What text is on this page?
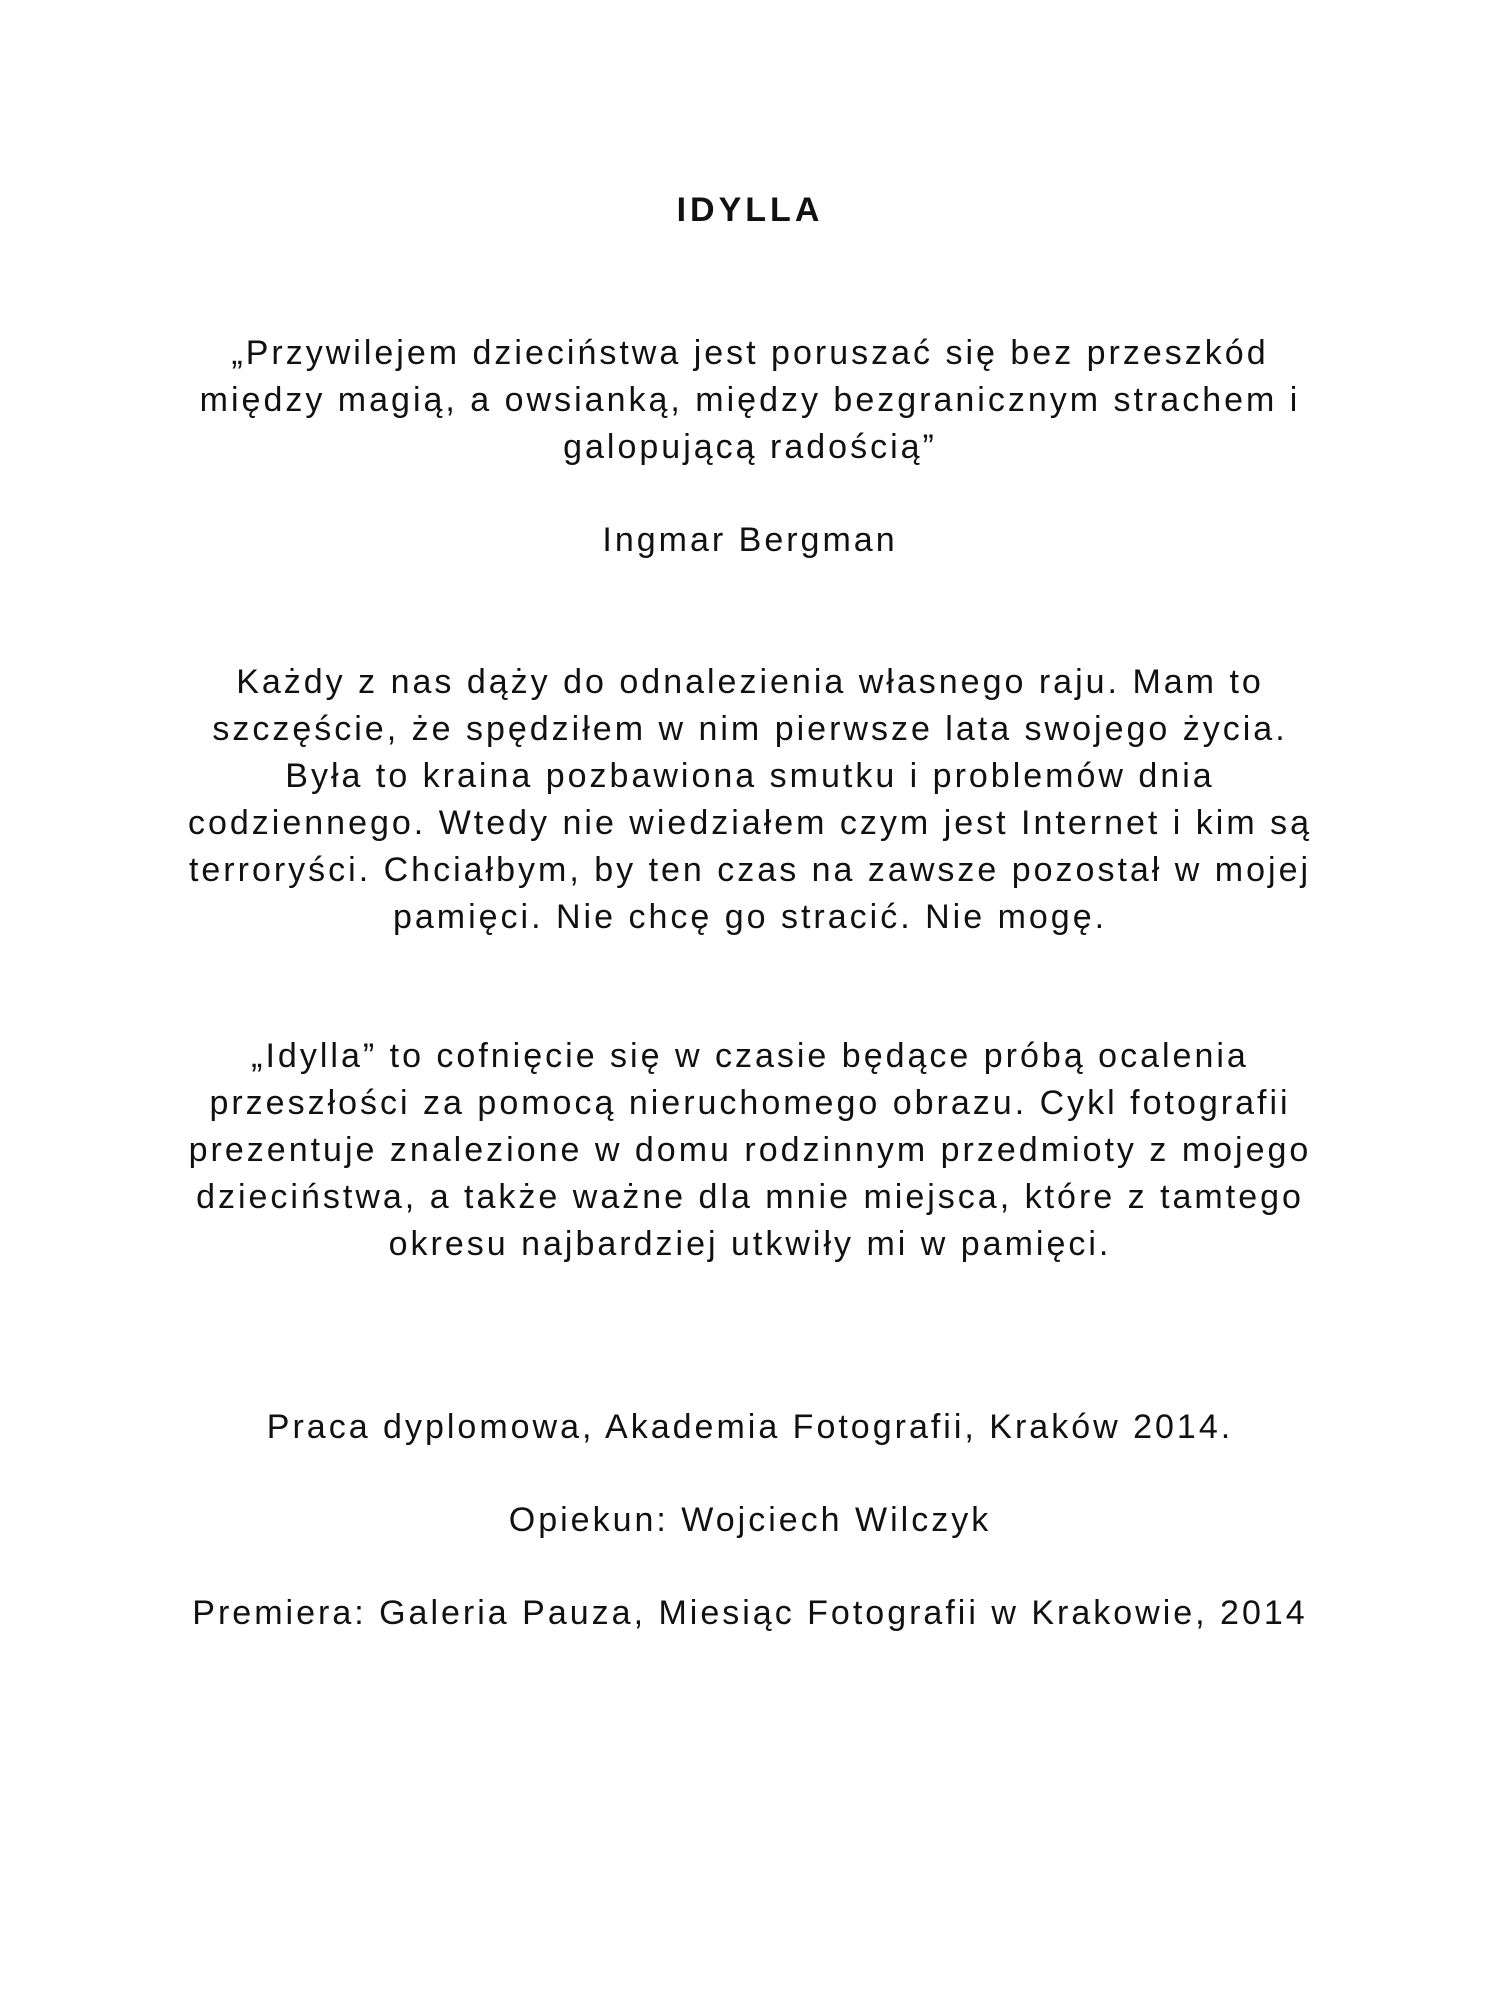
IDYLLA

„Przywilejem dzieciństwa jest poruszać się bez przeszkód
między magią, a owsianką, między bezgranicznym strachem i
galopującą radością”

Ingmar Bergman

Każdy z nas dąży do odnalezienia własnego raju. Mam to
szczęście, że spędziłem w nim pierwsze lata swojego życia.
Była to kraina pozbawiona smutku i problemów dnia
codziennego. Wtedy nie wiedziałem czym jest Internet i kim są
terroryści. Chciałbym, by ten czas na zawsze pozostał w mojej
pamięci. Nie chcę go stracić. Nie mogę.

„Idylla” to cofnięcie się w czasie będące próbą ocalenia
przeszłości za pomocą nieruchomego obrazu. Cykl fotografii
prezentuje znalezione w domu rodzinnym przedmioty z mojego
dzieciństwa, a także ważne dla mnie miejsca, które z tamtego
okresu najbardziej utkwiły mi w pamięci.

Praca dyplomowa, Akademia Fotografii, Kraków 2014.

Opiekun: Wojciech Wilczyk

Premiera: Galeria Pauza, Miesiąc Fotografii w Krakowie, 2014
